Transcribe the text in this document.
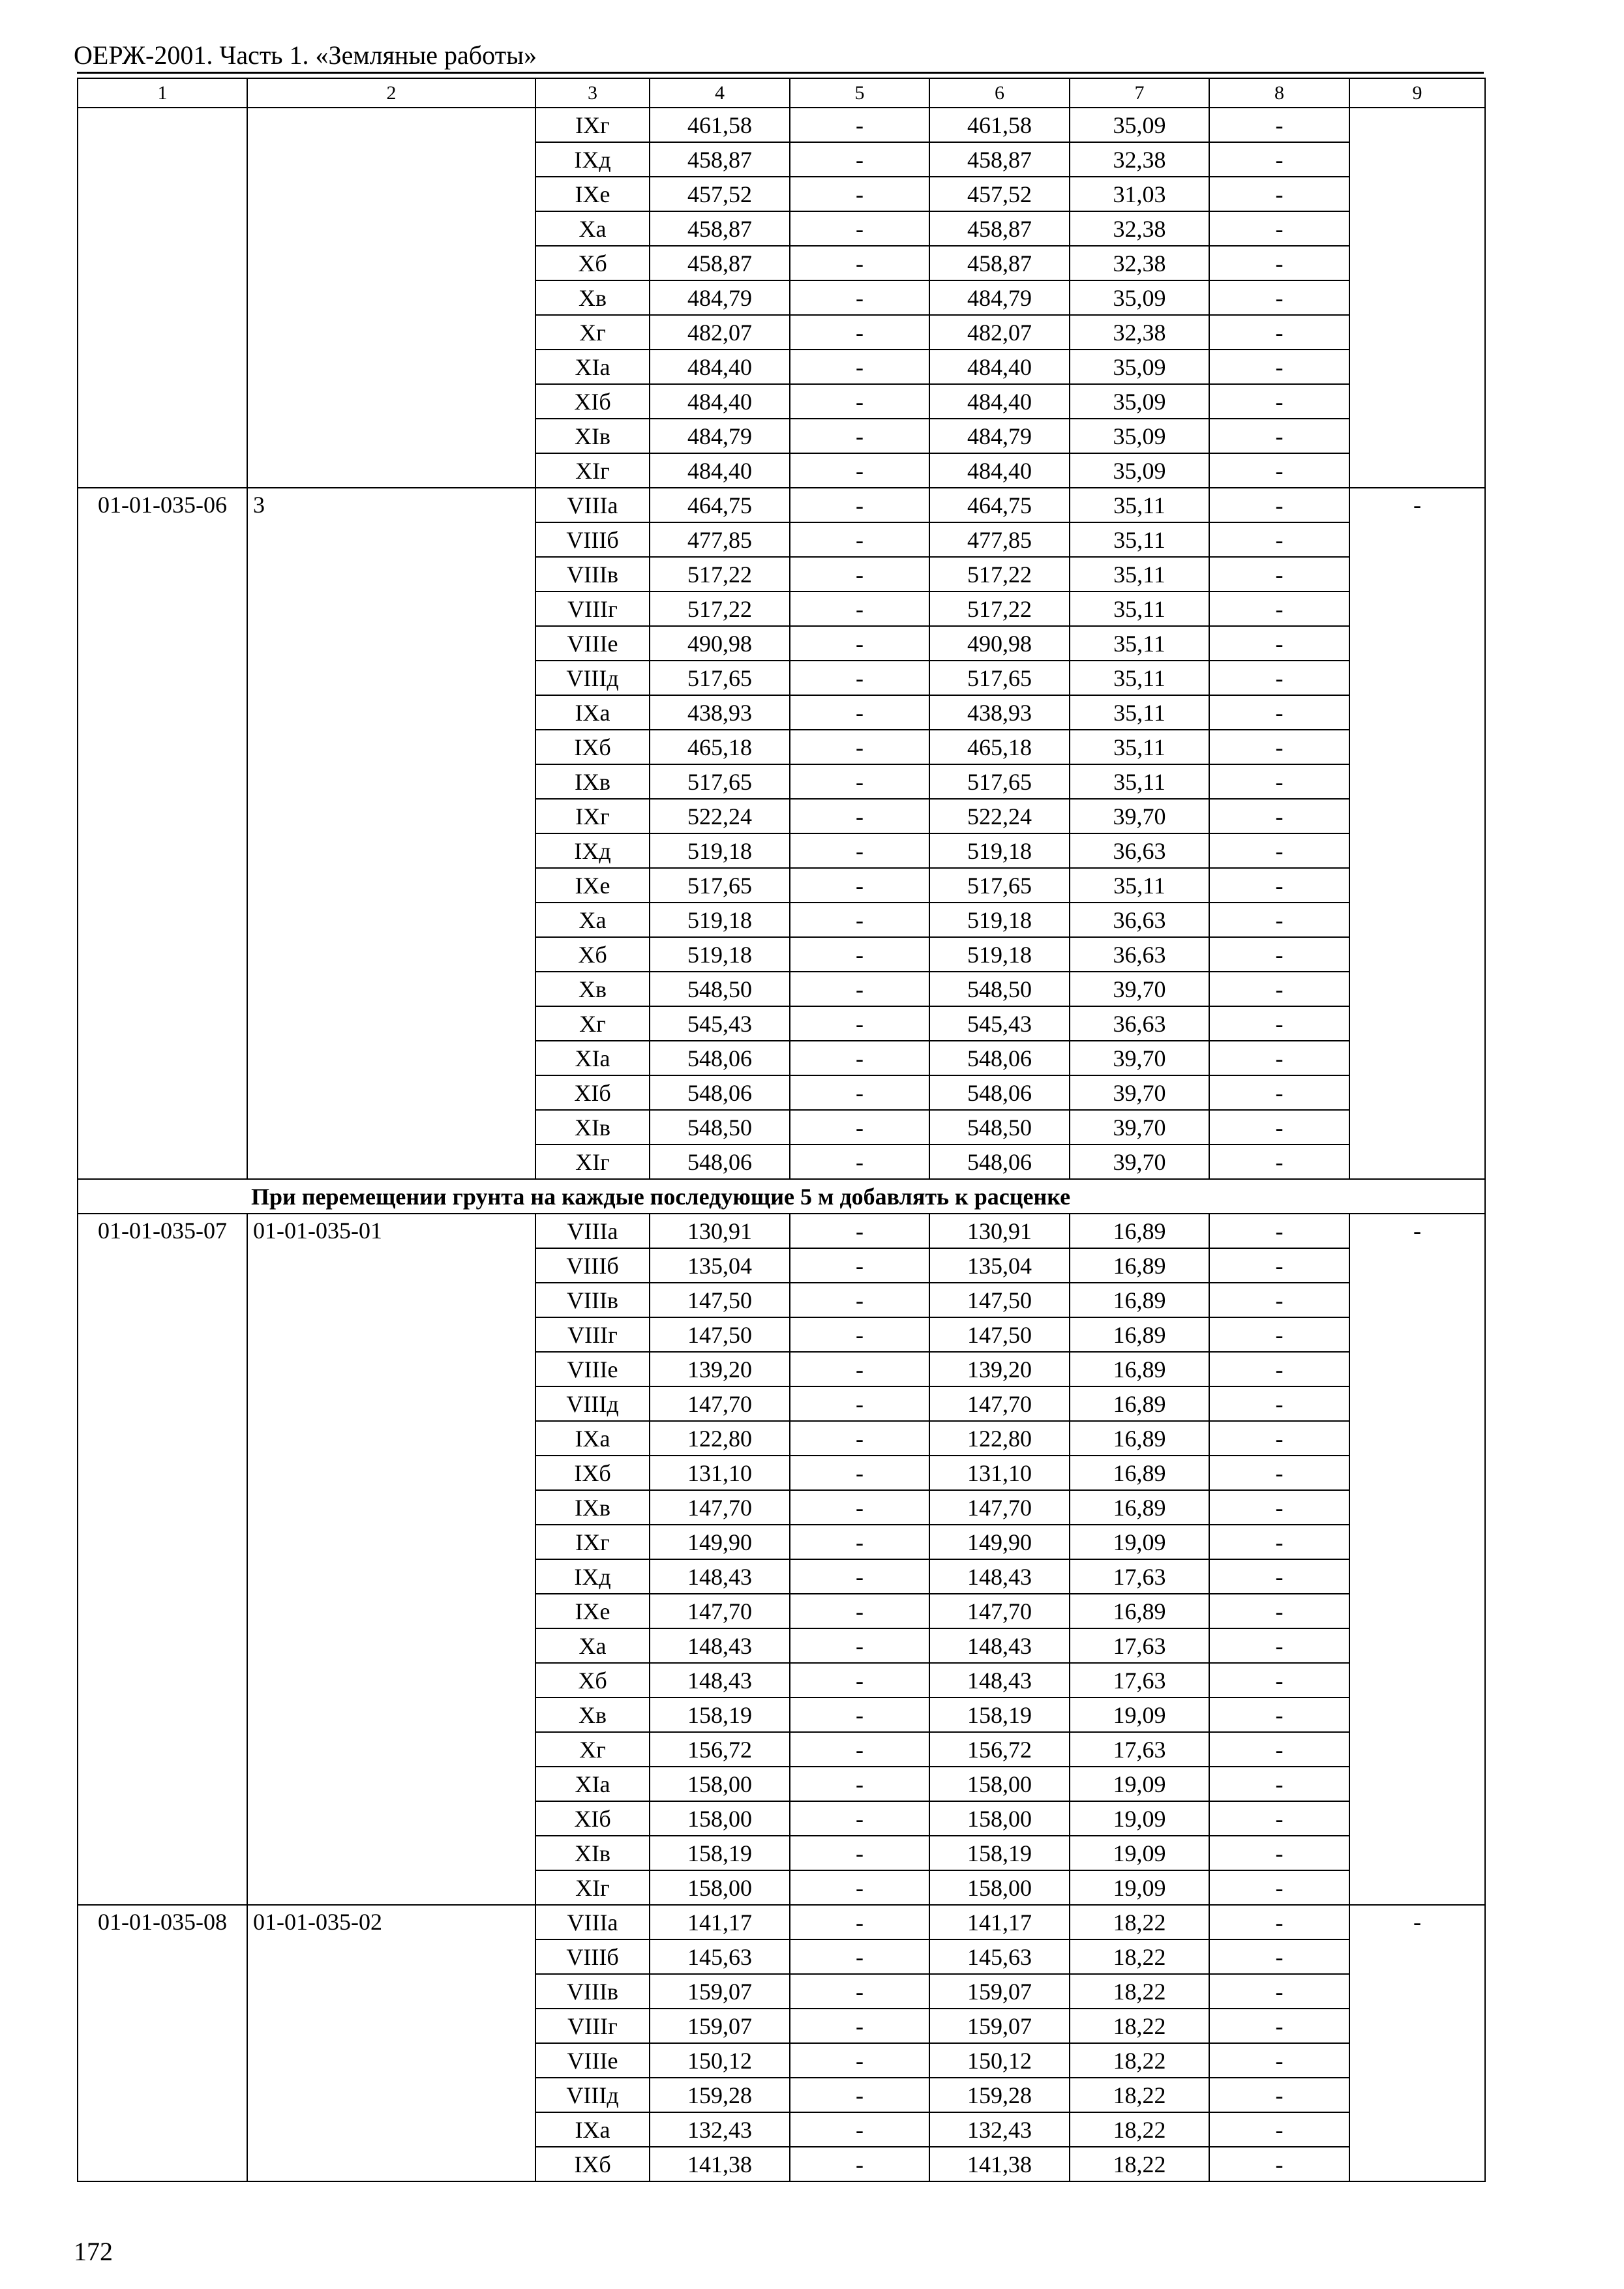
ОЕРЖ-2001. Часть 1. «Земляные работы»
1	2	3	4	5	6	7	8	9
		IXг	461,58	-	461,58	35,09	-	
		IXд	458,87	-	458,87	32,38	-	
		IXe	457,52	-	457,52	31,03	-	
		Xa	458,87	-	458,87	32,38	-	
		Xб	458,87	-	458,87	32,38	-	
		Xв	484,79	-	484,79	35,09	-	
		Xг	482,07	-	482,07	32,38	-	
		XIa	484,40	-	484,40	35,09	-	
		XIб	484,40	-	484,40	35,09	-	
		XIв	484,79	-	484,79	35,09	-	
		XIг	484,40	-	484,40	35,09	-	
01-01-035-06	3	VIIIa	464,75	-	464,75	35,11	-	-
		VIIIб	477,85	-	477,85	35,11	-	
		VIIIв	517,22	-	517,22	35,11	-	
		VIIIг	517,22	-	517,22	35,11	-	
		VIIIe	490,98	-	490,98	35,11	-	
		VIIIд	517,65	-	517,65	35,11	-	
		IXa	438,93	-	438,93	35,11	-	
		IXб	465,18	-	465,18	35,11	-	
		IXв	517,65	-	517,65	35,11	-	
		IXг	522,24	-	522,24	39,70	-	
		IXд	519,18	-	519,18	36,63	-	
		IXe	517,65	-	517,65	35,11	-	
		Xa	519,18	-	519,18	36,63	-	
		Xб	519,18	-	519,18	36,63	-	
		Xв	548,50	-	548,50	39,70	-	
		Xг	545,43	-	545,43	36,63	-	
		XIa	548,06	-	548,06	39,70	-	
		XIб	548,06	-	548,06	39,70	-	
		XIв	548,50	-	548,50	39,70	-	
		XIг	548,06	-	548,06	39,70	-	
При перемещении грунта на каждые последующие 5 м добавлять к расценке								
01-01-035-07	01-01-035-01	VIIIa	130,91	-	130,91	16,89	-	-
		VIIIб	135,04	-	135,04	16,89	-	
		VIIIв	147,50	-	147,50	16,89	-	
		VIIIг	147,50	-	147,50	16,89	-	
		VIIIe	139,20	-	139,20	16,89	-	
		VIIIд	147,70	-	147,70	16,89	-	
		IXa	122,80	-	122,80	16,89	-	
		IXб	131,10	-	131,10	16,89	-	
		IXв	147,70	-	147,70	16,89	-	
		IXг	149,90	-	149,90	19,09	-	
		IXд	148,43	-	148,43	17,63	-	
		IXe	147,70	-	147,70	16,89	-	
		Xa	148,43	-	148,43	17,63	-	
		Xб	148,43	-	148,43	17,63	-	
		Xв	158,19	-	158,19	19,09	-	
		Xг	156,72	-	156,72	17,63	-	
		XIa	158,00	-	158,00	19,09	-	
		XIб	158,00	-	158,00	19,09	-	
		XIв	158,19	-	158,19	19,09	-	
		XIг	158,00	-	158,00	19,09	-	
01-01-035-08	01-01-035-02	VIIIa	141,17	-	141,17	18,22	-	-
		VIIIб	145,63	-	145,63	18,22	-	
		VIIIв	159,07	-	159,07	18,22	-	
		VIIIг	159,07	-	159,07	18,22	-	
		VIIIe	150,12	-	150,12	18,22	-	
		VIIIд	159,28	-	159,28	18,22	-	
		IXa	132,43	-	132,43	18,22	-	
		IXб	141,38	-	141,38	18,22	-	
172
